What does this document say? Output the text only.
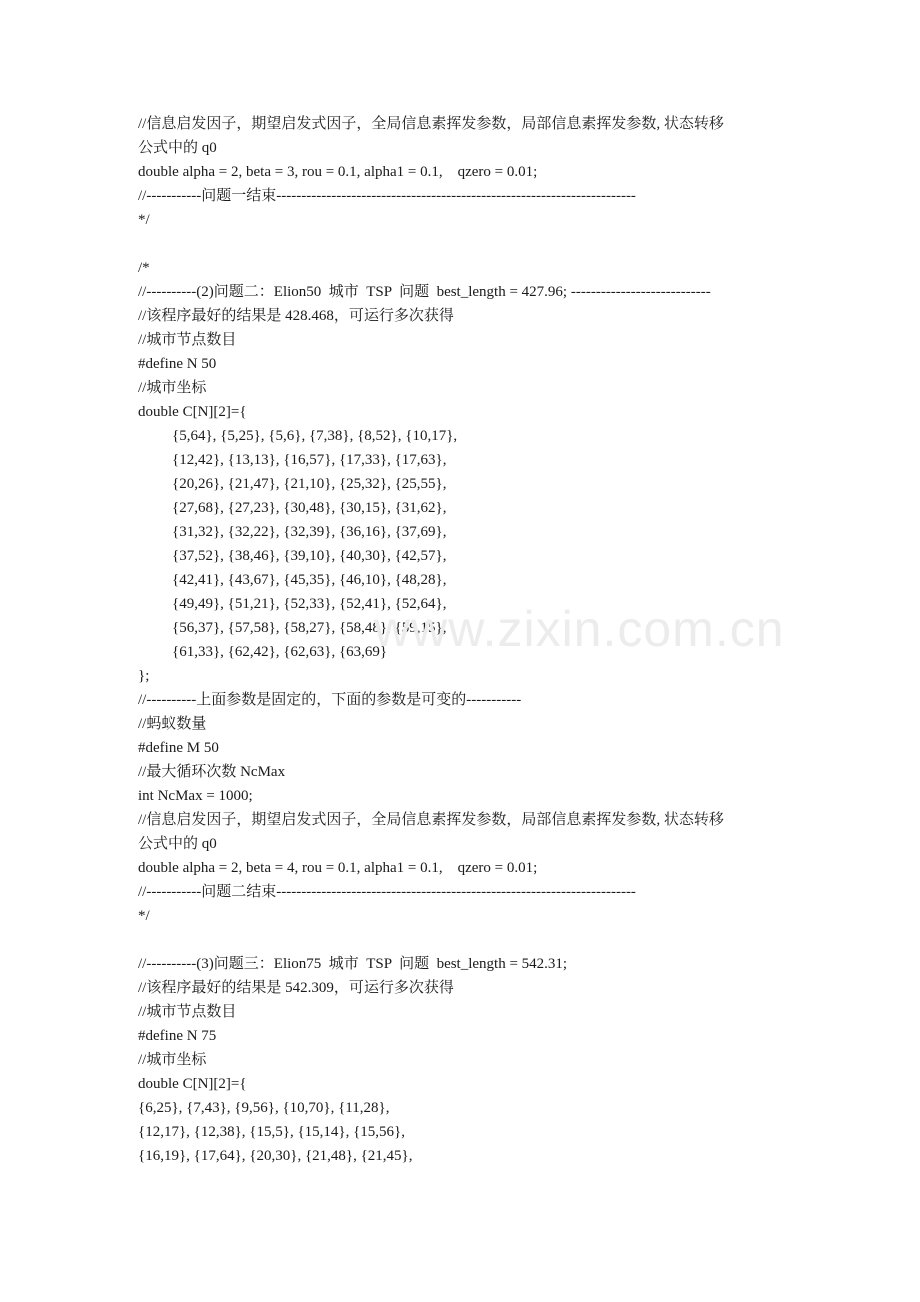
//信息启发因子，期望启发式因子，全局信息素挥发参数，局部信息素挥发参数, 状态转移
公式中的 q0
double alpha = 2, beta = 3, rou = 0.1, alpha1 = 0.1,    qzero = 0.01;
//-----------问题一结束------------------------------------------------------------------------
*/
/*
//----------(2)问题二：Elion50  城市  TSP  问题  best_length = 427.96; ----------------------------
//该程序最好的结果是 428.468，可运行多次获得
//城市节点数目
#define N 50
//城市坐标
double C[N][2]={
{5,64}, {5,25}, {5,6}, {7,38}, {8,52}, {10,17},
{12,42}, {13,13}, {16,57}, {17,33}, {17,63},
{20,26}, {21,47}, {21,10}, {25,32}, {25,55},
{27,68}, {27,23}, {30,48}, {30,15}, {31,62},
{31,32}, {32,22}, {32,39}, {36,16}, {37,69},
{37,52}, {38,46}, {39,10}, {40,30}, {42,57},
{42,41}, {43,67}, {45,35}, {46,10}, {48,28},
{49,49}, {51,21}, {52,33}, {52,41}, {52,64},
{56,37}, {57,58}, {58,27}, {58,48}, {59,15},
{61,33}, {62,42}, {62,63}, {63,69}
};
//----------上面参数是固定的，下面的参数是可变的-----------
//蚂蚁数量
#define M 50
//最大循环次数 NcMax
int NcMax = 1000;
//信息启发因子，期望启发式因子，全局信息素挥发参数，局部信息素挥发参数, 状态转移
公式中的 q0
double alpha = 2, beta = 4, rou = 0.1, alpha1 = 0.1,    qzero = 0.01;
//-----------问题二结束------------------------------------------------------------------------
*/
//----------(3)问题三：Elion75  城市  TSP  问题  best_length = 542.31;
//该程序最好的结果是 542.309，可运行多次获得
//城市节点数目
#define N 75
//城市坐标
double C[N][2]={
{6,25}, {7,43}, {9,56}, {10,70}, {11,28},
{12,17}, {12,38}, {15,5}, {15,14}, {15,56},
{16,19}, {17,64}, {20,30}, {21,48}, {21,45},
www.zixin.com.cn
